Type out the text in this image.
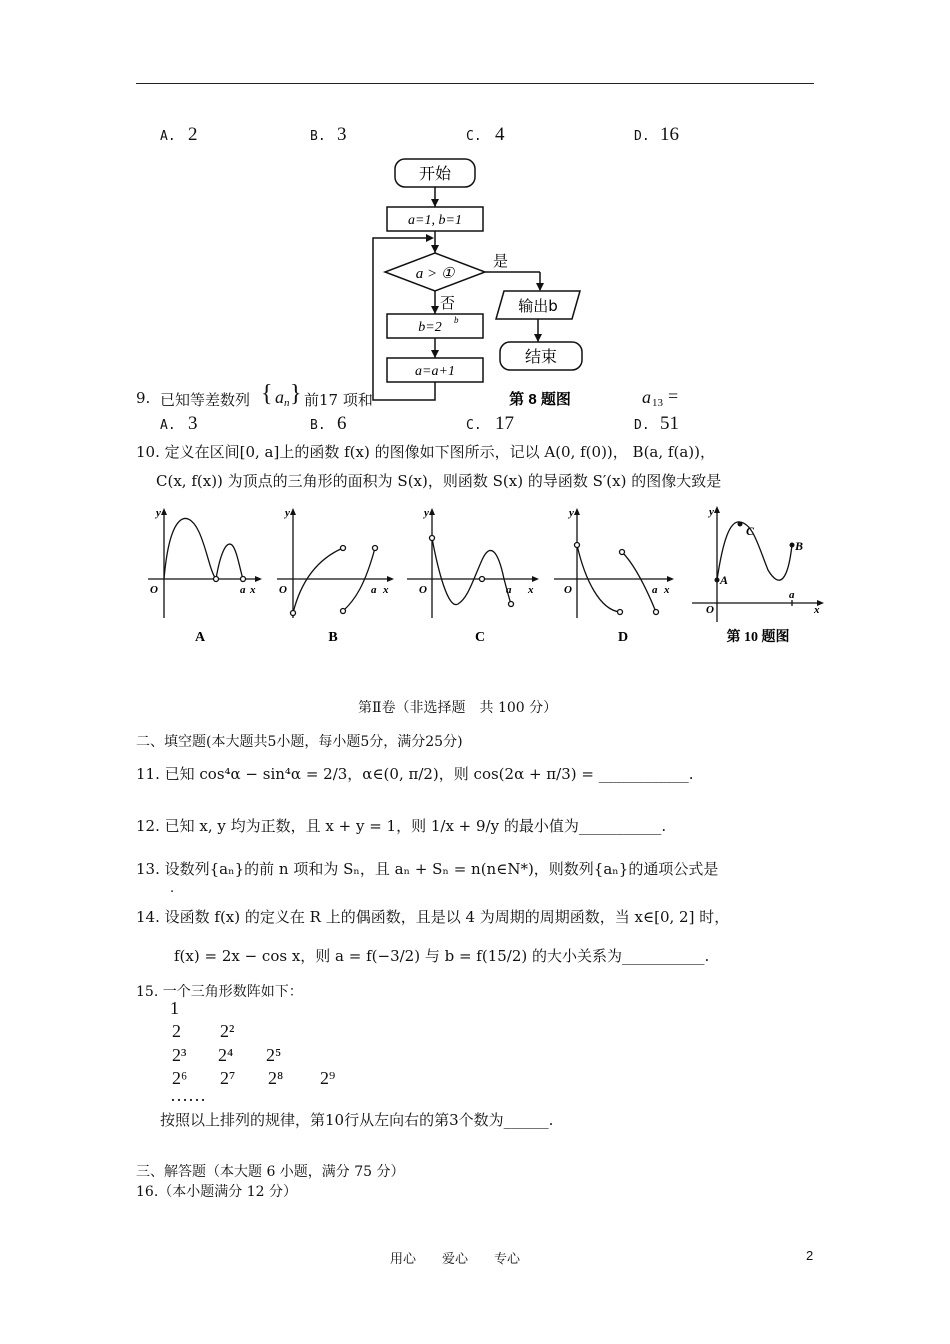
A. 2	B. 3	C. 4	D. 16
开始
a=1, b=1
a > ①
是
否	输出b
b=2 b
a=a+1
结束
第 8 题图
9. 已知等差数列 { a n } 前17 项和	a 13 =
A. 3	B. 6	C. 17	D. 51
10. 定义在区间[0, a]上的函数 f(x) 的图像如下图所示，记以 A(0, f(0))， B(a, f(a))，
C(x, f(x)) 为顶点的三角形的面积为 S(x)，则函数 S(x) 的导函数 S′(x) 的图像大致是
y
O	a x
y
O	a x
y
O	a x
y
O	a x
y
O
a
x
A
C
B
A	B	C	D	第 10 题图
第Ⅱ卷（非选择题　共 100 分）
二、填空题(本大题共5小题，每小题5分，满分25分)
11. 已知 cos⁴α − sin⁴α = 2/3，α∈(0, π/2)，则 cos(2α + π/3) = ____________.
12. 已知 x, y 均为正数，且 x + y = 1，则 1/x + 9/y 的最小值为___________.
13. 设数列{aₙ}的前 n 项和为 Sₙ，且 aₙ + Sₙ = n(n∈N*)，则数列{aₙ}的通项公式是
.
14. 设函数 f(x) 的定义在 R 上的偶函数，且是以 4 为周期的周期函数，当 x∈[0, 2] 时，
f(x) = 2x − cos x，则 a = f(−3/2) 与 b = f(15/2) 的大小关系为___________.
15. 一个三角形数阵如下：
1
2 2²
2³ 2⁴ 2⁵
2⁶ 2⁷ 2⁸ 2⁹
……
按照以上排列的规律，第10行从左向右的第3个数为______.
三、解答题（本大题 6 小题，满分 75 分）
16.（本小题满分 12 分）
用心　　爱心　　专心	2
